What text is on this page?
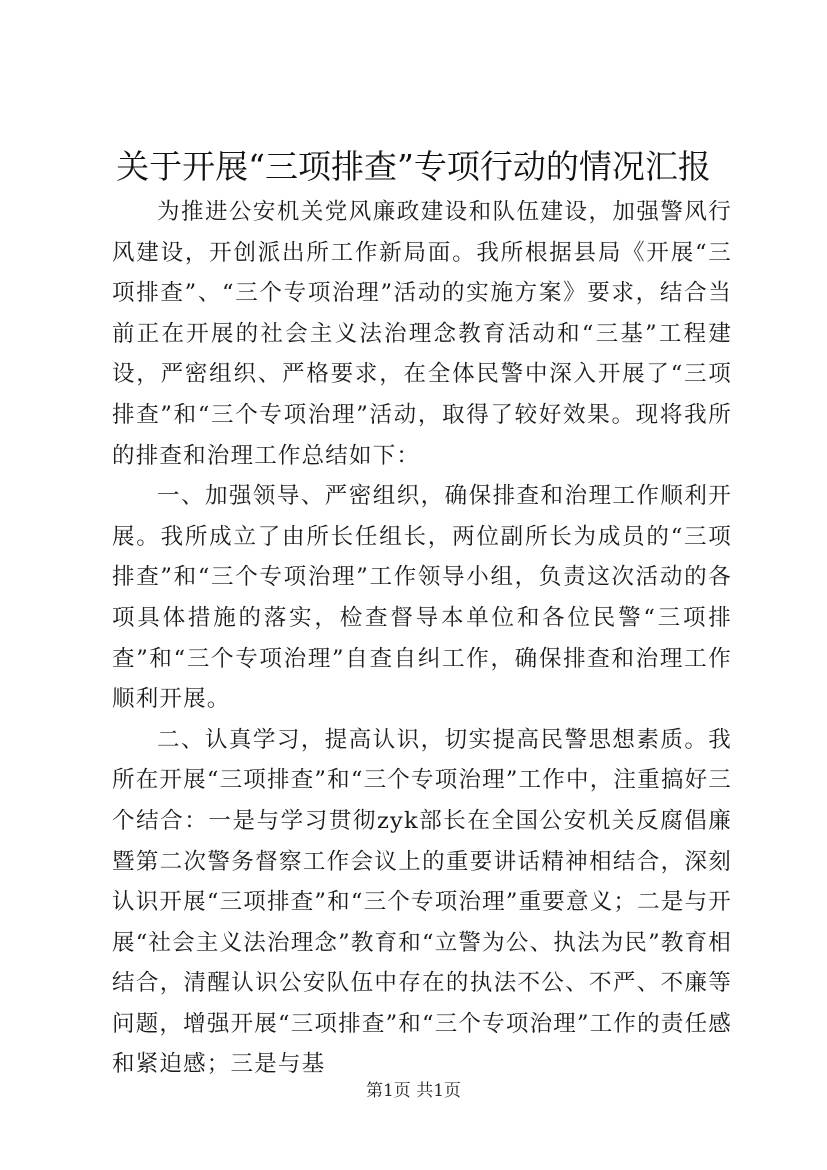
关于开展“三项排查”专项行动的情况汇报

为推进公安机关党风廉政建设和队伍建设，加强警风行风建设，开创派出所工作新局面。我所根据县局《开展“三项排查”、“三个专项治理”活动的实施方案》要求，结合当前正在开展的社会主义法治理念教育活动和“三基”工程建设，严密组织、严格要求，在全体民警中深入开展了“三项排查”和“三个专项治理”活动，取得了较好效果。现将我所的排查和治理工作总结如下：

一、加强领导、严密组织，确保排查和治理工作顺利开展。我所成立了由所长任组长，两位副所长为成员的“三项排查”和“三个专项治理”工作领导小组，负责这次活动的各项具体措施的落实，检查督导本单位和各位民警“三项排查”和“三个专项治理”自查自纠工作，确保排查和治理工作顺利开展。

二、认真学习，提高认识，切实提高民警思想素质。我所在开展“三项排查”和“三个专项治理”工作中，注重搞好三个结合：一是与学习贯彻zyk部长在全国公安机关反腐倡廉暨第二次警务督察工作会议上的重要讲话精神相结合，深刻认识开展“三项排查”和“三个专项治理”重要意义；二是与开展“社会主义法治理念”教育和“立警为公、执法为民”教育相结合，清醒认识公安队伍中存在的执法不公、不严、不廉等问题，增强开展“三项排查”和“三个专项治理”工作的责任感和紧迫感；三是与基

第1页 共1页
